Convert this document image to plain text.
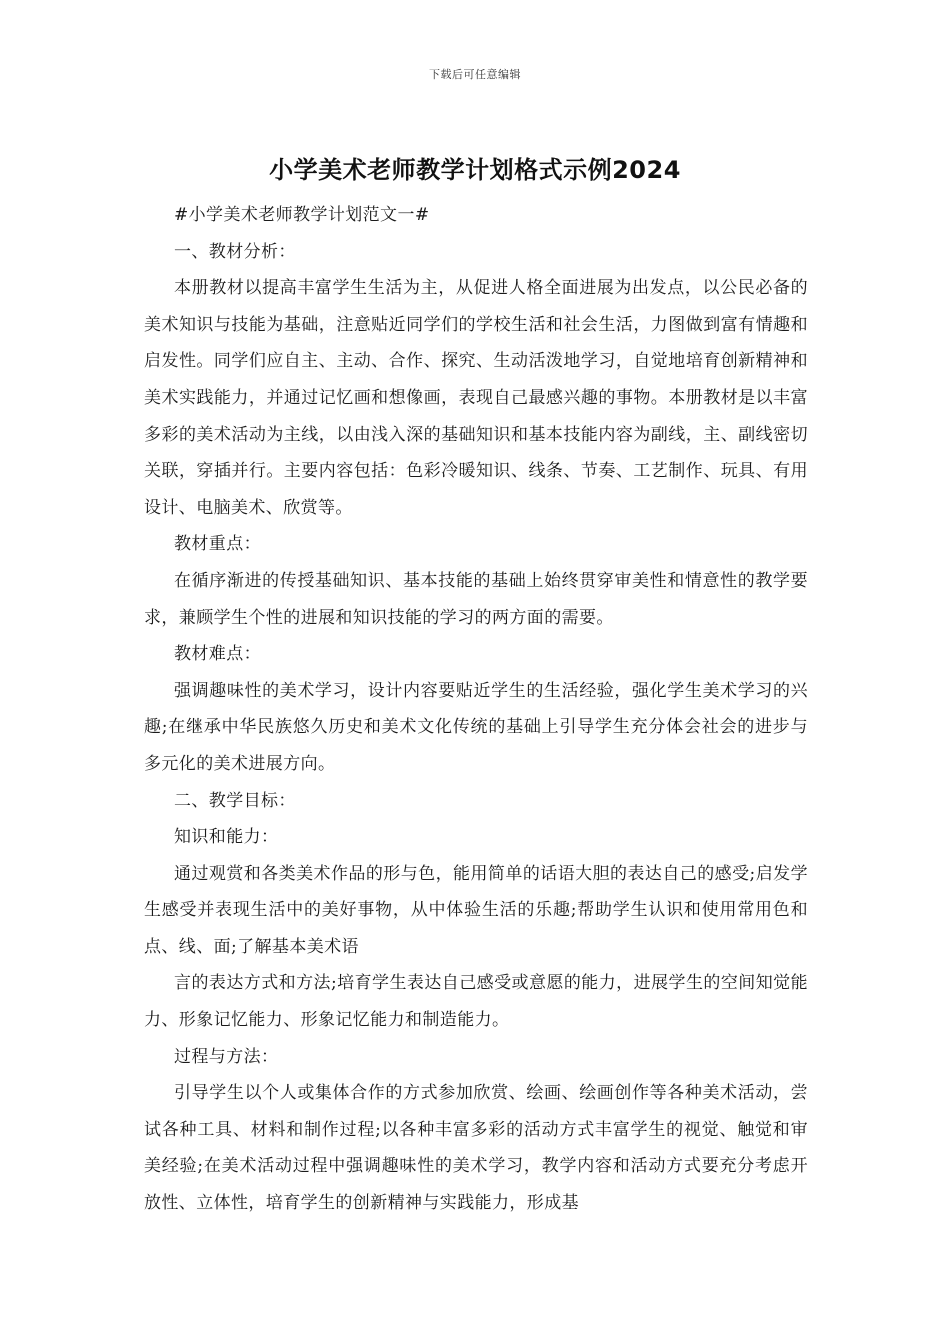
下载后可任意编辑
小学美术老师教学计划格式示例2024

#小学美术老师教学计划范文一#

一、教材分析：

本册教材以提高丰富学生生活为主，从促进人格全面进展为出发点，以公民必备的美术知识与技能为基础，注意贴近同学们的学校生活和社会生活，力图做到富有情趣和启发性。同学们应自主、主动、合作、探究、生动活泼地学习，自觉地培育创新精神和美术实践能力，并通过记忆画和想像画，表现自己最感兴趣的事物。本册教材是以丰富多彩的美术活动为主线，以由浅入深的基础知识和基本技能内容为副线，主、副线密切关联，穿插并行。主要内容包括：色彩冷暖知识、线条、节奏、工艺制作、玩具、有用设计、电脑美术、欣赏等。

教材重点：

在循序渐进的传授基础知识、基本技能的基础上始终贯穿审美性和情意性的教学要求，兼顾学生个性的进展和知识技能的学习的两方面的需要。

教材难点：

强调趣味性的美术学习，设计内容要贴近学生的生活经验，强化学生美术学习的兴趣;在继承中华民族悠久历史和美术文化传统的基础上引导学生充分体会社会的进步与多元化的美术进展方向。

二、教学目标：

知识和能力：

通过观赏和各类美术作品的形与色，能用简单的话语大胆的表达自己的感受;启发学生感受并表现生活中的美好事物，从中体验生活的乐趣;帮助学生认识和使用常用色和点、线、面;了解基本美术语

言的表达方式和方法;培育学生表达自己感受或意愿的能力，进展学生的空间知觉能力、形象记忆能力、形象记忆能力和制造能力。

过程与方法：

引导学生以个人或集体合作的方式参加欣赏、绘画、绘画创作等各种美术活动，尝试各种工具、材料和制作过程;以各种丰富多彩的活动方式丰富学生的视觉、触觉和审美经验;在美术活动过程中强调趣味性的美术学习，教学内容和活动方式要充分考虑开放性、立体性，培育学生的创新精神与实践能力，形成基
